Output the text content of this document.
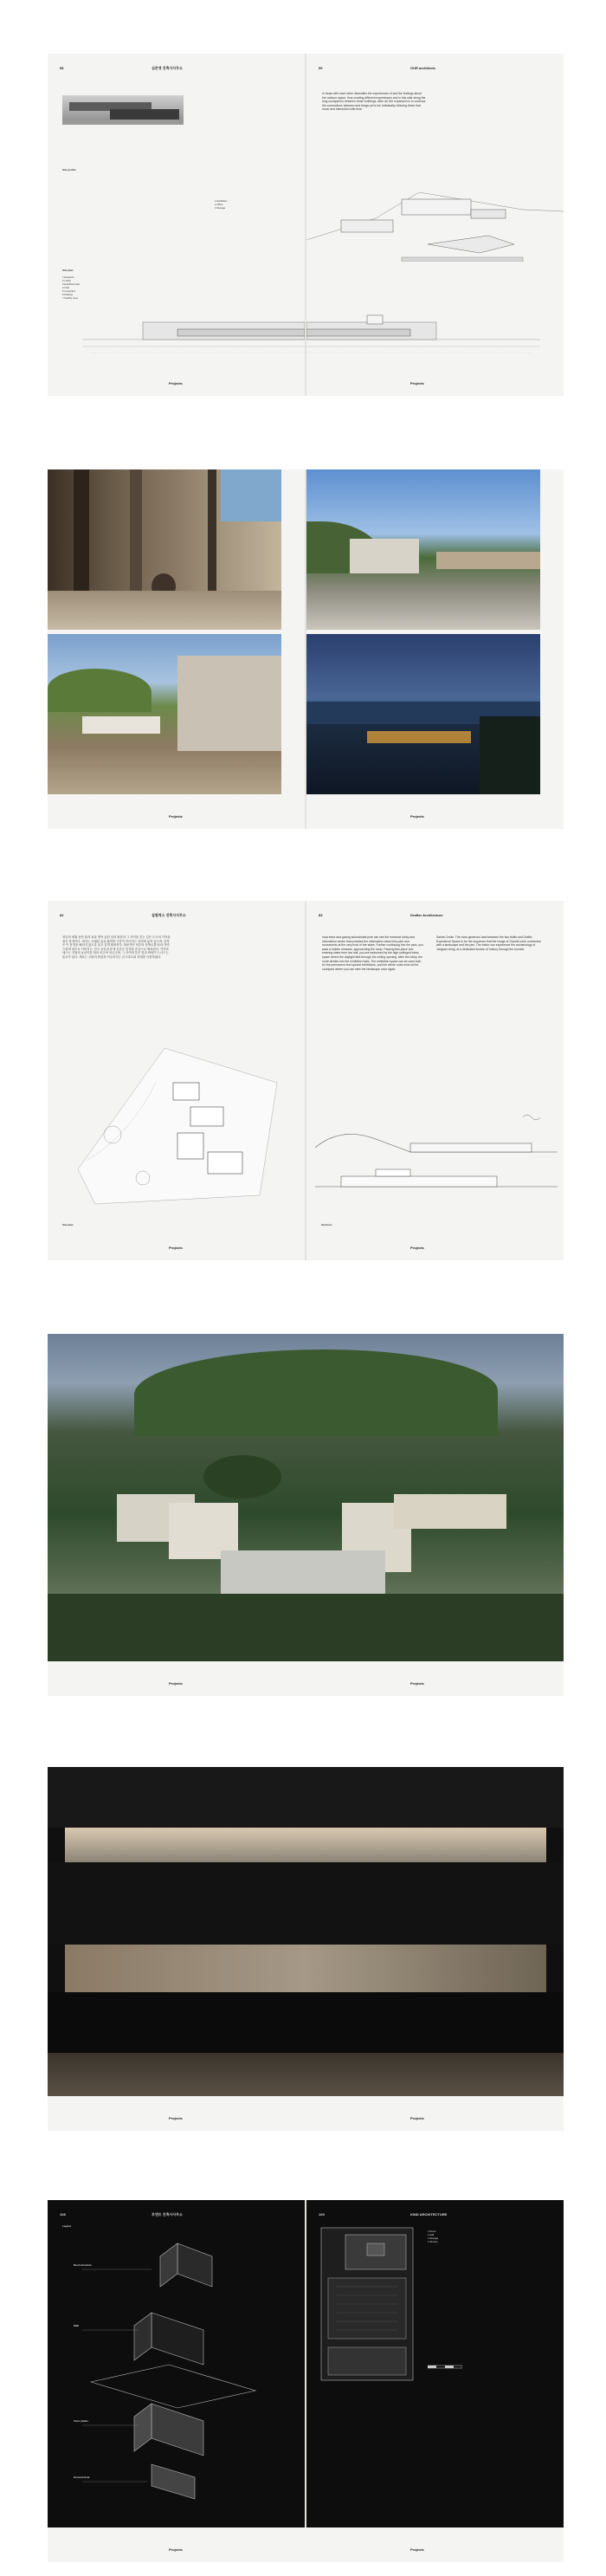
98	심준영 건축사사무소
Site profile
1 Exhibition
2 Office
3 Storage
Site plan
1 Entrance
2 Lobby
3 Exhibition hall
4 Cafe
5 Courtyard
6 Parking
7 Facility room
Projects
99	OUR architects
In those with each other diversifies the experiences of and the feelings about the outdoor space, thus creating different experiences and in this stair along the long courtyard in between those buildings. After all, the expansion is to continue the connections between and things yet to be holistically relieving these that move and interaction with time.
Projects
Projects	Projects
82	실험적스 건축사사무소
천년의 세월 동안 흙과 돌을 쌓아 올린 신라 왕릉과 그 사이를 걷는 길은 도시의 기억을 품은 풍경이다. 대지는 오래된 숲과 완만한 구릉이 이어지는 자리에 놓여 있으며, 건축은 이 풍경을 해치지 않도록 낮고 길게 펼쳐진다. 방문객은 외부의 산책로를 따라 자연스럽게 내부로 이어지고, 전시 공간과 휴게 공간은 중정을 중심으로 배치된다. 각각의 매스는 지형의 높낮이를 따라 조금씩 어긋나며, 그 사이의 틈은 빛과 바람이 드나드는 통로가 된다. 재료는 주변의 흙빛과 어우러지는 콘크리트와 석재를 사용하였다.
Site plan
Projects
83	Drafter Architecture
road trees and gazing subordinate pine can see the entrance lobby and information center that provides the information about this park and monuments at the very front of the stairs. Further continuing into the park, you pass a hidden meadow, approaching the ramp. Passing this place and entering stairs from low hall, you are welcomed by the high-ceilinged lobby space where the daylight falls through the ceiling opening. After the lobby, the route divides into the exhibition halls. The exhibition space can be used both for the permanent and special exhibitions, and the whole route ends at the courtyard where you can view the landscape once again.
Sainte Cecile. The most generous land between the two bluffs and Draftin Experience Space is for the sequence that the image of Grande tomb connected with a landscape and the pier. The visitor can experience the archaeology of Jangsan-dong, at a dedicated section of history through the tunnels.
Sections
Projects
Projects	Projects
Projects	Projects
108	루엔트 건축사사무소
Legend
Roof structure
Wall
Floor plates
Ground level
109	KIND ARCHITECTURE
1 Room
2 Hall
3 Storage
4 Terrace
Projects	Projects
